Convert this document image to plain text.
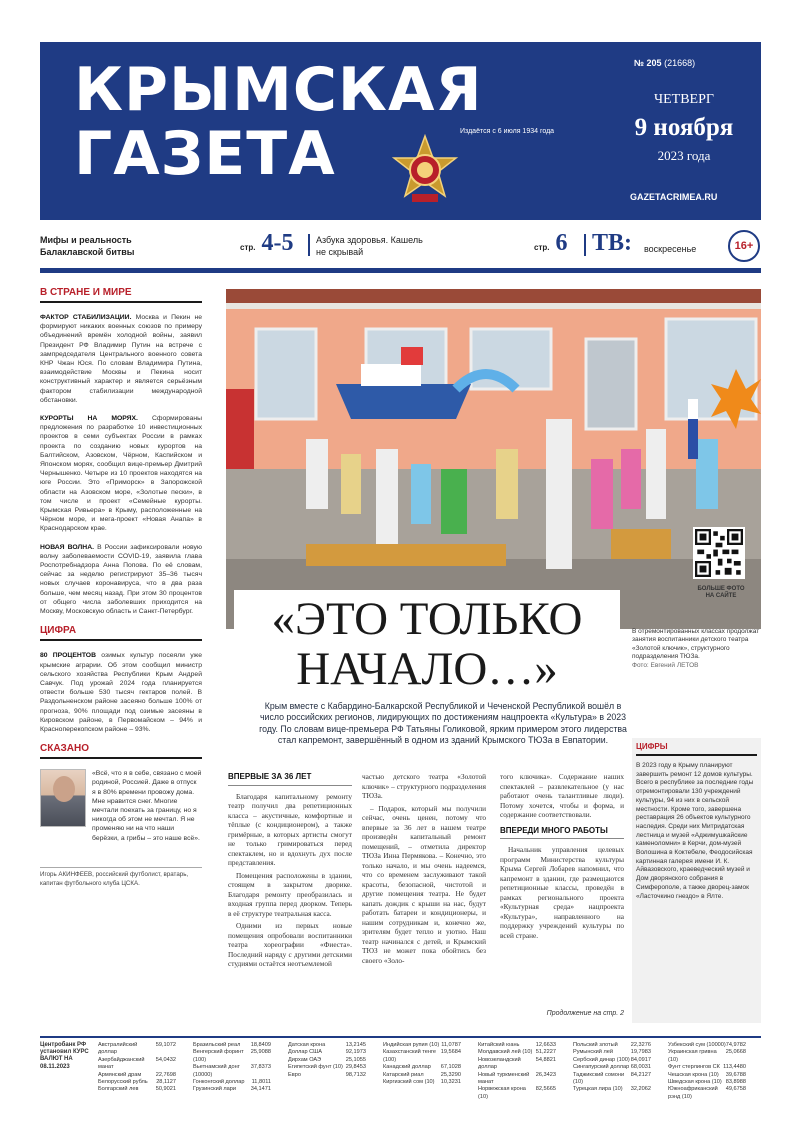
КРЫМСКАЯ
ГАЗЕТА	Издаётся с 6 июля 1934 года
№ 205 (21668)
ЧЕТВЕРГ
9 ноября
2023 года
GAZETACRIMEA.RU
Мифы и реальность Балаклавской битвы	стр. 4-5	Азбука здоровья. Кашель не скрывай	стр. 6 ТВ: воскресенье	16+
В СТРАНЕ И МИРЕ
ФАКТОР СТАБИЛИЗАЦИИ. Москва и Пекин не формируют никаких военных союзов по примеру объединений времён холодной войны, заявил Президент РФ Владимир Путин на встрече с зампредседателя Центрального военного совета КНР Чжан Юся. По словам Владимира Путина, взаимодействие Москвы и Пекина носит конструктивный характер и является серьёзным фактором стабилизации международной обстановки.
КУРОРТЫ НА МОРЯХ. Сформированы предложения по разработке 10 инвестиционных проектов в семи субъектах России в рамках проекта по созданию новых курортов на Балтийском, Азовском, Чёрном, Каспийском и Японском морях, сообщил вице-премьер Дмитрий Чернышенко. Четыре из 10 проектов находятся на юге России. Это «Приморск» в Запорожской области на Азовском море, «Золотые пески», в том числе и проект «Семейные курорты. Крымская Ривьера» в Крыму, расположенные на Чёрном море, и мега-проект «Новая Анапа» в Краснодарском крае.
НОВАЯ ВОЛНА. В России зафиксировали новую волну заболеваемости COVID-19, заявила глава Роспотребнадзора Анна Попова. По её словам, сейчас за неделю регистрируют 35–36 тысяч новых случаев коронавируса, что в два раза больше, чем месяц назад. При этом 30 процентов от общего числа заболевших приходится на Москву, Московскую область и Санкт-Петербург.
ЦИФРА
80 ПРОЦЕНТОВ озимых культур посеяли уже крымские аграрии. Об этом сообщил министр сельского хозяйства Республики Крым Андрей Савчук. Под урожай 2024 года планируется отвести больше 530 тысяч гектаров полей. В Раздольненском районе засеяно больше 100% от прогноза, 90% площади под озимые засеяны в Кировском районе, в Первомайском – 94% и Красноперекопском районе – 93%.
СКАЗАНО
«Всё, что я в себе, связано с моей родиной, Россией. Даже в отпуск я в 80% времени провожу дома. Мне нравится снег. Многие мечтали поехать за границу, но я никогда об этом не мечтал. Я не променяю ни на что наши берёзки, а грибы – это наше всё».
Игорь АКИНФЕЕВ, российский футболист, вратарь, капитан футбольного клуба ЦСКА.
БОЛЬШЕ ФОТО НА САЙТЕ
«ЭТО ТОЛЬКО
НАЧАЛО…»
В отремонтированных классах продолжат занятия воспитанники детского театра «Золотой ключик», структурного подразделения ТЮЗа.
Фото: Евгений ЛЕТОВ
Крым вместе с Кабардино-Балкарской Республикой и Чеченской Республикой вошёл в число российских регионов, лидирующих по достижениям нацпроекта «Культура» в 2023 году. По словам вице-премьера РФ Татьяны Голиковой, ярким примером этого лидерства стал капремонт, завершённый в одном из зданий Крымского ТЮЗа в Евпатории.
ВПЕРВЫЕ ЗА 36 ЛЕТ

Благодаря капитальному ремонту театр получил два репетиционных класса – акустичные, комфортные и тёплые (с кондиционером), а также гримёрные, в которых артисты смогут не только гримироваться перед спектаклем, но и вдохнуть дух после представления.

Помещения расположены в здании, стоящем в закрытом дворике. Благодаря ремонту преобразилась и входная группа перед дворком. Теперь в её структуре театральная касса.

Одними из первых новые помещения опробовали воспитанники театра хореографии «Фиеста». Последний наряду с другими детскими студиями остаётся неотъемлемой

частью детского театра «Золотой ключик» – структурного подразделения ТЮЗа.

– Подарок, который мы получили сейчас, очень ценен, потому что впервые за 36 лет в нашем театре произведён капитальный ремонт помещений, – отметила директор ТЮЗа Инна Пермякова. – Конечно, это только начало, и мы очень надеемся, что со временем заслуживают такой красоты, безопасной, чистотой и другие помещения театра. Не будет капать дождик с крыши на нас, будут работать батареи и кондиционеры, и нашим сотрудникам и, конечно же, зрителям будет тепло и уютно. Наш театр начинался с детей, и Крымский ТЮЗ не может пока обойтись без своего «Золо-

того ключика». Содержание наших спектаклей – развлекательное (у нас работают очень талантливые люди). Потому хочется, чтобы и форма, и содержание соответствовали.

ВПЕРЕДИ МНОГО РАБОТЫ

Начальник управления целевых программ Министерства культуры Крыма Сергей Лобарев напомнил, что капремонт в здании, где размещаются репетиционные классы, проведён в рамках регионального проекта «Культурная среда» нацпроекта «Культура», направленного на поддержку учреждений культуры по всей стране.

Продолжение на стр. 2
ЦИФРЫ
В 2023 году в Крыму планируют завершить ремонт 12 домов культуры. Всего в республике за последние годы отремонтировали 130 учреждений культуры, 94 из них в сельской местности. Кроме того, завершена реставрация 26 объектов культурного наследия. Среди них Митридатская лестница и музей «Аджимушкайские каменоломни» в Керчи, дом-музей Волошина в Коктебеле, Феодосийская картинная галерея имени И. К. Айвазовского, краеведческий музей и Дом дворянского собрания в Симферополе, а также дворец-замок «Ласточкино гнездо» в Ялте.
Центробанк РФ установил КУРС ВАЛЮТ НА 08.11.2023
Австралийский доллар
59,1072
Азербайджанский манат
54,0432
Армянский драм	22,7698
Белорусский рубль 28,1127
Болгарский лев	50,9021
Бразильский реал 18,8409
Венгерский форинт (100)
25,9088
Вьетнамский донг (10000)
37,8373
Гонконгский доллар 11,8011
Грузинский лари	34,1471
Датская крона	13,2145
Доллар США	92,1973
Дирхам ОАЭ	25,1055
Египетский фунт (10) 29,8453
Евро	98,7132
Индийская рупия (10) 11,0787
Казахстанский тенге (100)
19,5684
Канадский доллар 67,1028
Катарский риал	25,3290
Киргизский сом (10) 10,3231
Китайский юань	12,6633
Молдавский лей (10) 51,2227
Новозеландский доллар
54,8821
Новый туркменский манат
26,3423
Норвежская крона (10)
82,5665
Польский злотый 22,3276
Румынский лей	19,7983
Сербский динар (100) 84,0917
Сингапурский доллар 68,0031
Таджикский сомони (10)
84,2127
Турецкая лира (10) 32,2062
Узбекский сум (10000) 74,9782
Украинская гривна (10)
25,0668
Фунт стерлингов СК 113,4480
Чешская крона (10) 39,6788
Шведская крона (10) 83,8988
Южноафриканский рэнд (10)
49,6758
